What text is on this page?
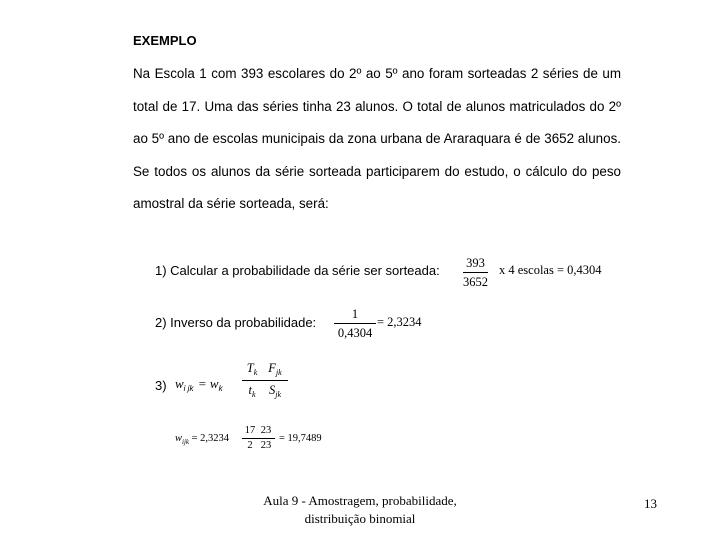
EXEMPLO

Na Escola 1 com 393 escolares do 2º ao 5º ano foram sorteadas 2 séries de um total de 17. Uma das séries tinha 23 alunos. O total de alunos matriculados do 2º ao 5º ano de escolas municipais da zona urbana de Araraquara é de 3652 alunos. Se todos os alunos da série sorteada participarem do estudo, o cálculo do peso amostral da série sorteada, será:

1) Calcular a probabilidade da série ser sorteada: $\frac{393}{3652}$ x 4 escolas = 0,4304
2) Inverso da probabilidade: $\frac{1}{0,4304} = 2,3234$
3) $w_{i jk} = w_k \frac{T_k}{t_k} F_{jk}$
$S_{jk}$
$w_{ijk} = 2,3234 \frac{17}{2} \frac{23}{23} = 19,7489$
Aula 9 - Amostragem, probabilidade,
distribuição binomial
13
